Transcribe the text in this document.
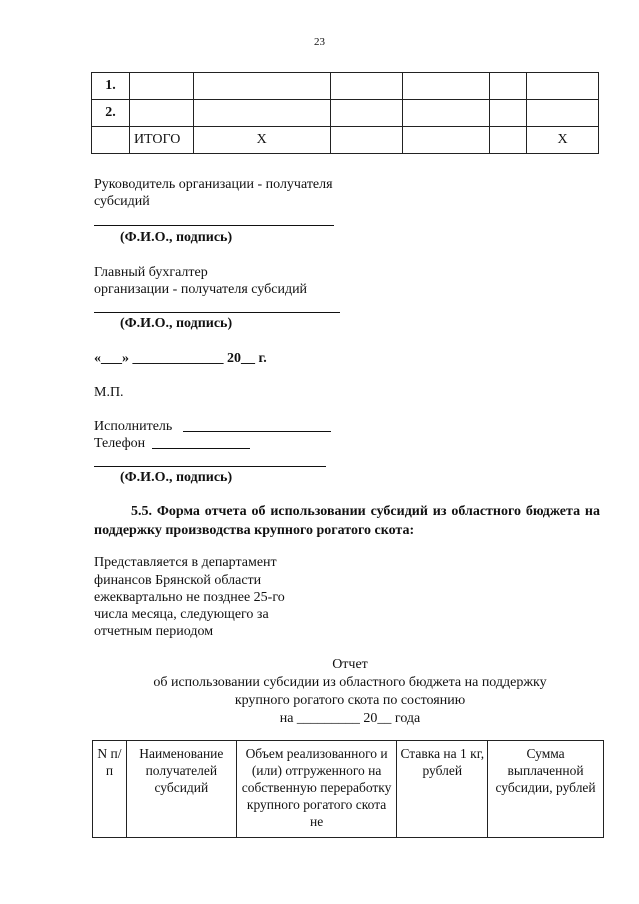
23
1.						
2.						
	ИТОГО	X				X
Руководитель организации - получателя
субсидий
(Ф.И.О., подпись)
Главный бухгалтер
организации - получателя субсидий
(Ф.И.О., подпись)
«___» _____________ 20__ г.
М.П.
Исполнитель
Телефон
(Ф.И.О., подпись)
5.5. Форма отчета об использовании субсидий из областного бюджета на поддержку производства крупного рогатого скота:
Представляется в департамент
финансов Брянской области
ежеквартально не позднее 25-го
числа месяца, следующего за
отчетным периодом
Отчет
об использовании субсидии из областного бюджета на поддержку
крупного рогатого скота по состоянию
на _________ 20__ года
N п/п	Наименование получателей субсидий	Объем реализованного и (или) отгруженного на собственную переработку крупного рогатого скота не	Ставка на 1 кг, рублей	Сумма выплаченной субсидии, рублей
